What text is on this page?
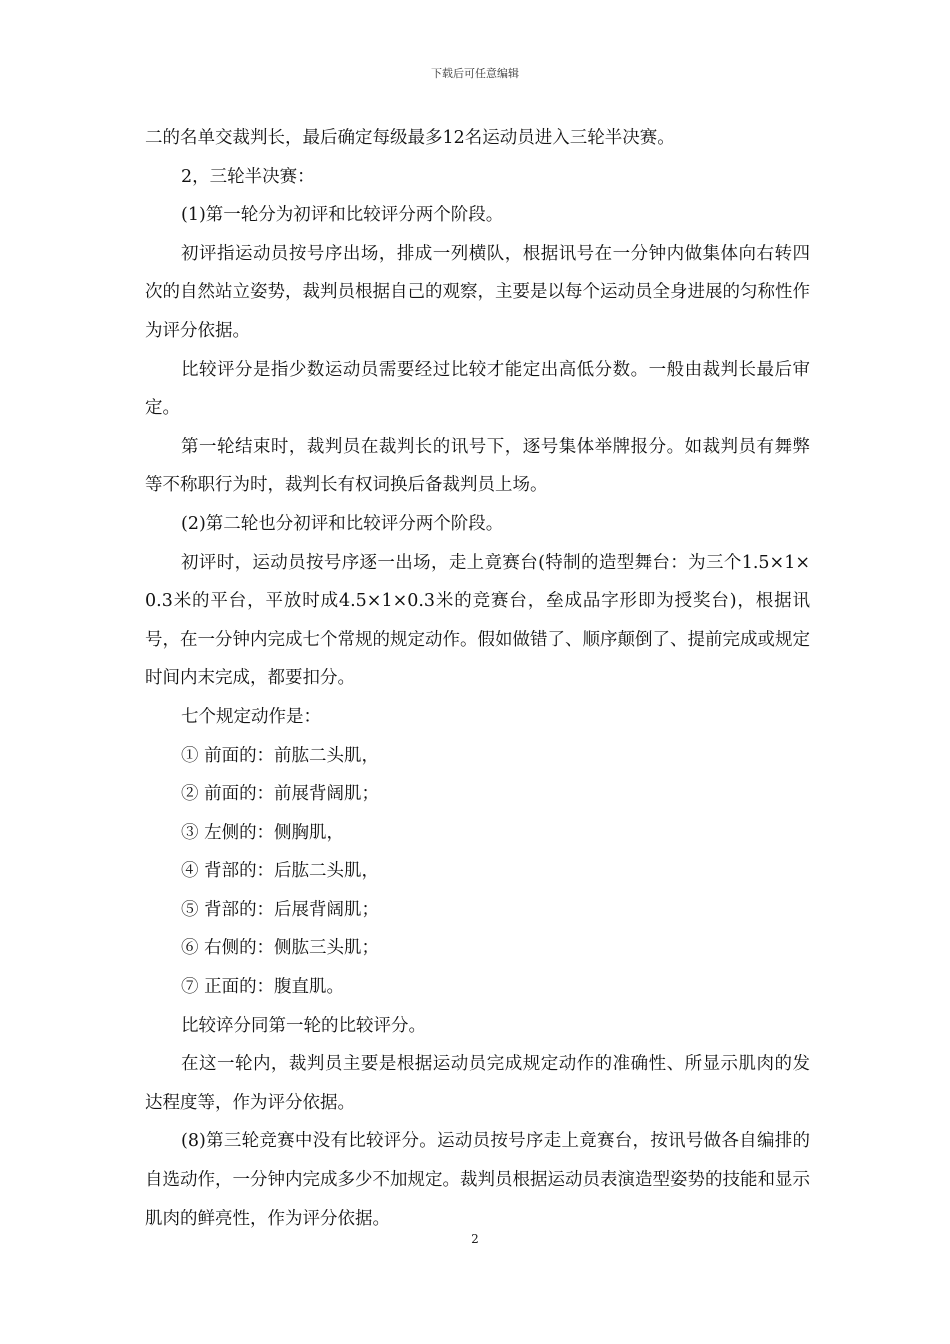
下载后可任意编辑

二的名单交裁判长，最后确定每级最多12名运动员进入三轮半决赛。

2，三轮半决赛：

(1)第一轮分为初评和比较评分两个阶段。

初评指运动员按号序出场，排成一列横队，根据讯号在一分钟内做集体向右转四次的自然站立姿势，裁判员根据自己的观察，主要是以每个运动员全身进展的匀称性作为评分依据。

比较评分是指少数运动员需要经过比较才能定出高低分数。一般由裁判长最后审定。

第一轮结束时，裁判员在裁判长的讯号下，逐号集体举牌报分。如裁判员有舞弊等不称职行为时，裁判长有权词换后备裁判员上场。

(2)第二轮也分初评和比较评分两个阶段。

初评时，运动员按号序逐一出场，走上竟赛台(特制的造型舞台：为三个1.5×1×0.3米的平台，平放时成4.5×1×0.3米的竞赛台，垒成品字形即为授奖台)，根据讯号，在一分钟内完成七个常规的规定动作。假如做错了、顺序颠倒了、提前完成或规定时间内末完成，都要扣分。

七个规定动作是：

① 前面的：前肱二头肌，

② 前面的：前展背阔肌；

③ 左侧的：侧胸肌，

④ 背部的：后肱二头肌，

⑤ 背部的：后展背阔肌；

⑥ 右侧的：侧肱三头肌；

⑦ 正面的：腹直肌。

比较谇分同第一轮的比较评分。

在这一轮内，裁判员主要是根据运动员完成规定动作的准确性、所显示肌肉的发达程度等，作为评分依据。

(8)第三轮竞赛中没有比较评分。运动员按号序走上竟赛台，按讯号做各自编排的自选动作，一分钟内完成多少不加规定。裁判员根据运动员表演造型姿势的技能和显示肌肉的鲜亮性，作为评分依据。

2
